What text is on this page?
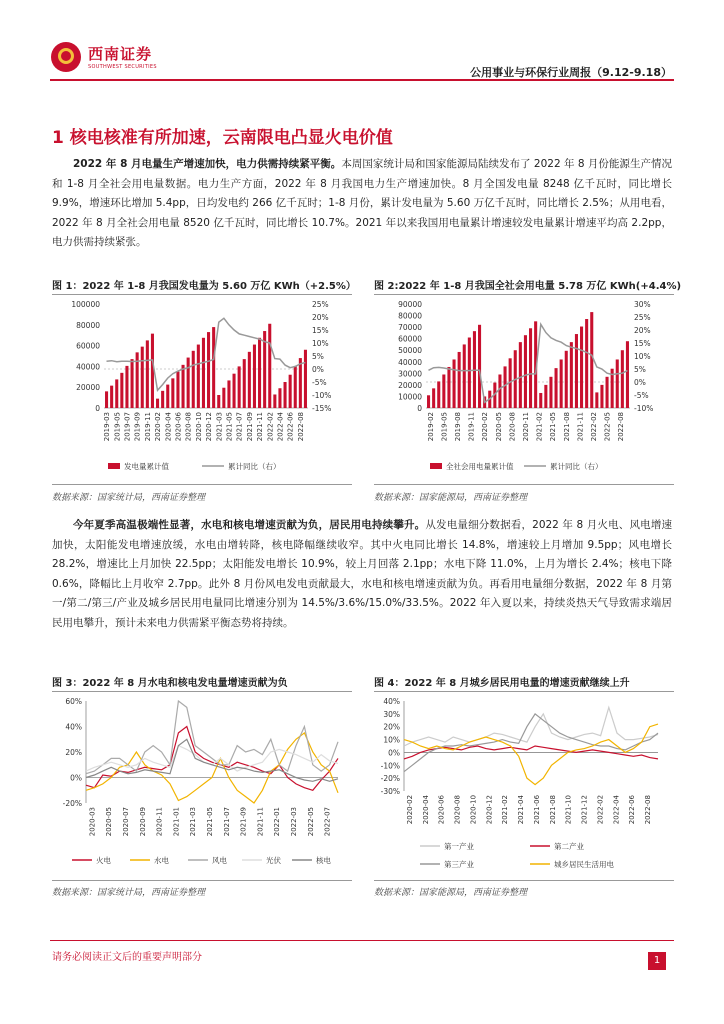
西南证券
SOUTHWEST SECURITIES	公用事业与环保行业周报（9.12-9.18）
1 核电核准有所加速，云南限电凸显火电价值
2022 年 8 月电量生产增速加快，电力供需持续紧平衡。本周国家统计局和国家能源局陆续发布了 2022 年 8 月份能源生产情况和 1-8 月全社会用电量数据。电力生产方面，2022 年 8 月我国电力生产增速加快。8 月全国发电量 8248 亿千瓦时，同比增长 9.9%，增速环比增加 5.4pp，日均发电约 266 亿千瓦时；1-8 月份，累计发电量为 5.60 万亿千瓦时，同比增长 2.5%；从用电看，2022 年 8 月全社会用电量 8520 亿千瓦时，同比增长 10.7%。2021 年以来我国用电量累计增速较发电量累计增速平均高 2.2pp，电力供需持续紧张。
图 1：2022 年 1-8 月我国发电量为 5.60 万亿 KWh（+2.5%） 图 2:2022 年 1-8 月我国全社会用电量 5.78 万亿 KWh(+4.4%)
0
20000
40000
60000
80000
100000	25%
20%
15%
10%
5%
0%
-5%
-10%
-15%
2019-03 2019-05 2019-07 2019-09 2019-11 2020-02 2020-04 2020-06 2020-08 2020-10 2020-12 2021-03 2021-05 2021-07 2021-09 2021-11 2022-02 2022-04 2022-06 2022-08
发电量累计值	累计同比（右）
0
10000
20000
30000
40000
50000
60000
70000
80000
90000	30%
25%
20%
15%
10%
5%
0%
-5%
-10%
2019-02 2019-05 2019-08 2019-11 2020-02 2020-05 2020-08 2020-11 2021-02 2021-05 2021-08 2021-11 2022-02 2022-05 2022-08
全社会用电量累计值	累计同比（右）
数据来源：国家统计局，西南证券整理	数据来源：国家能源局，西南证券整理
今年夏季高温极端性显著，水电和核电增速贡献为负，居民用电持续攀升。从发电量细分数据看，2022 年 8 月火电、风电增速加快，太阳能发电增速放缓，水电由增转降，核电降幅继续收窄。其中火电同比增长 14.8%，增速较上月增加 9.5pp；风电增长 28.2%，增速比上月加快 22.5pp；太阳能发电增长 10.9%，较上月回落 2.1pp；水电下降 11.0%，上月为增长 2.4%；核电下降 0.6%，降幅比上月收窄 2.7pp。此外 8 月份风电发电贡献最大，水电和核电增速贡献为负。再看用电量细分数据，2022 年 8 月第一/第二/第三/产业及城乡居民用电量同比增速分别为 14.5%/3.6%/15.0%/33.5%。2022 年入夏以来，持续炎热天气导致需求端居民用电攀升，预计未来电力供需紧平衡态势将持续。
图 3：2022 年 8 月水电和核电发电量增速贡献为负	图 4：2022 年 8 月城乡居民用电量的增速贡献继续上升
60%
40%
20%
0%
-20%
2020-03 2020-05 2020-07 2020-09 2020-11 2021-01 2021-03 2021-05 2021-07 2021-09 2021-11 2022-01 2022-03 2022-05 2022-07
火电	水电	风电	光伏	核电
40%
30%
20%
10%
0%
-10%
-20%
-30%
2020-02 2020-04 2020-06 2020-08 2020-10 2020-12 2021-02 2021-04 2021-06 2021-08 2021-10 2021-12 2022-02 2022-04 2022-06 2022-08
第一产业	第二产业
第三产业	城乡居民生活用电
数据来源：国家统计局，西南证券整理	数据来源：国家能源局，西南证券整理
请务必阅读正文后的重要声明部分	1
